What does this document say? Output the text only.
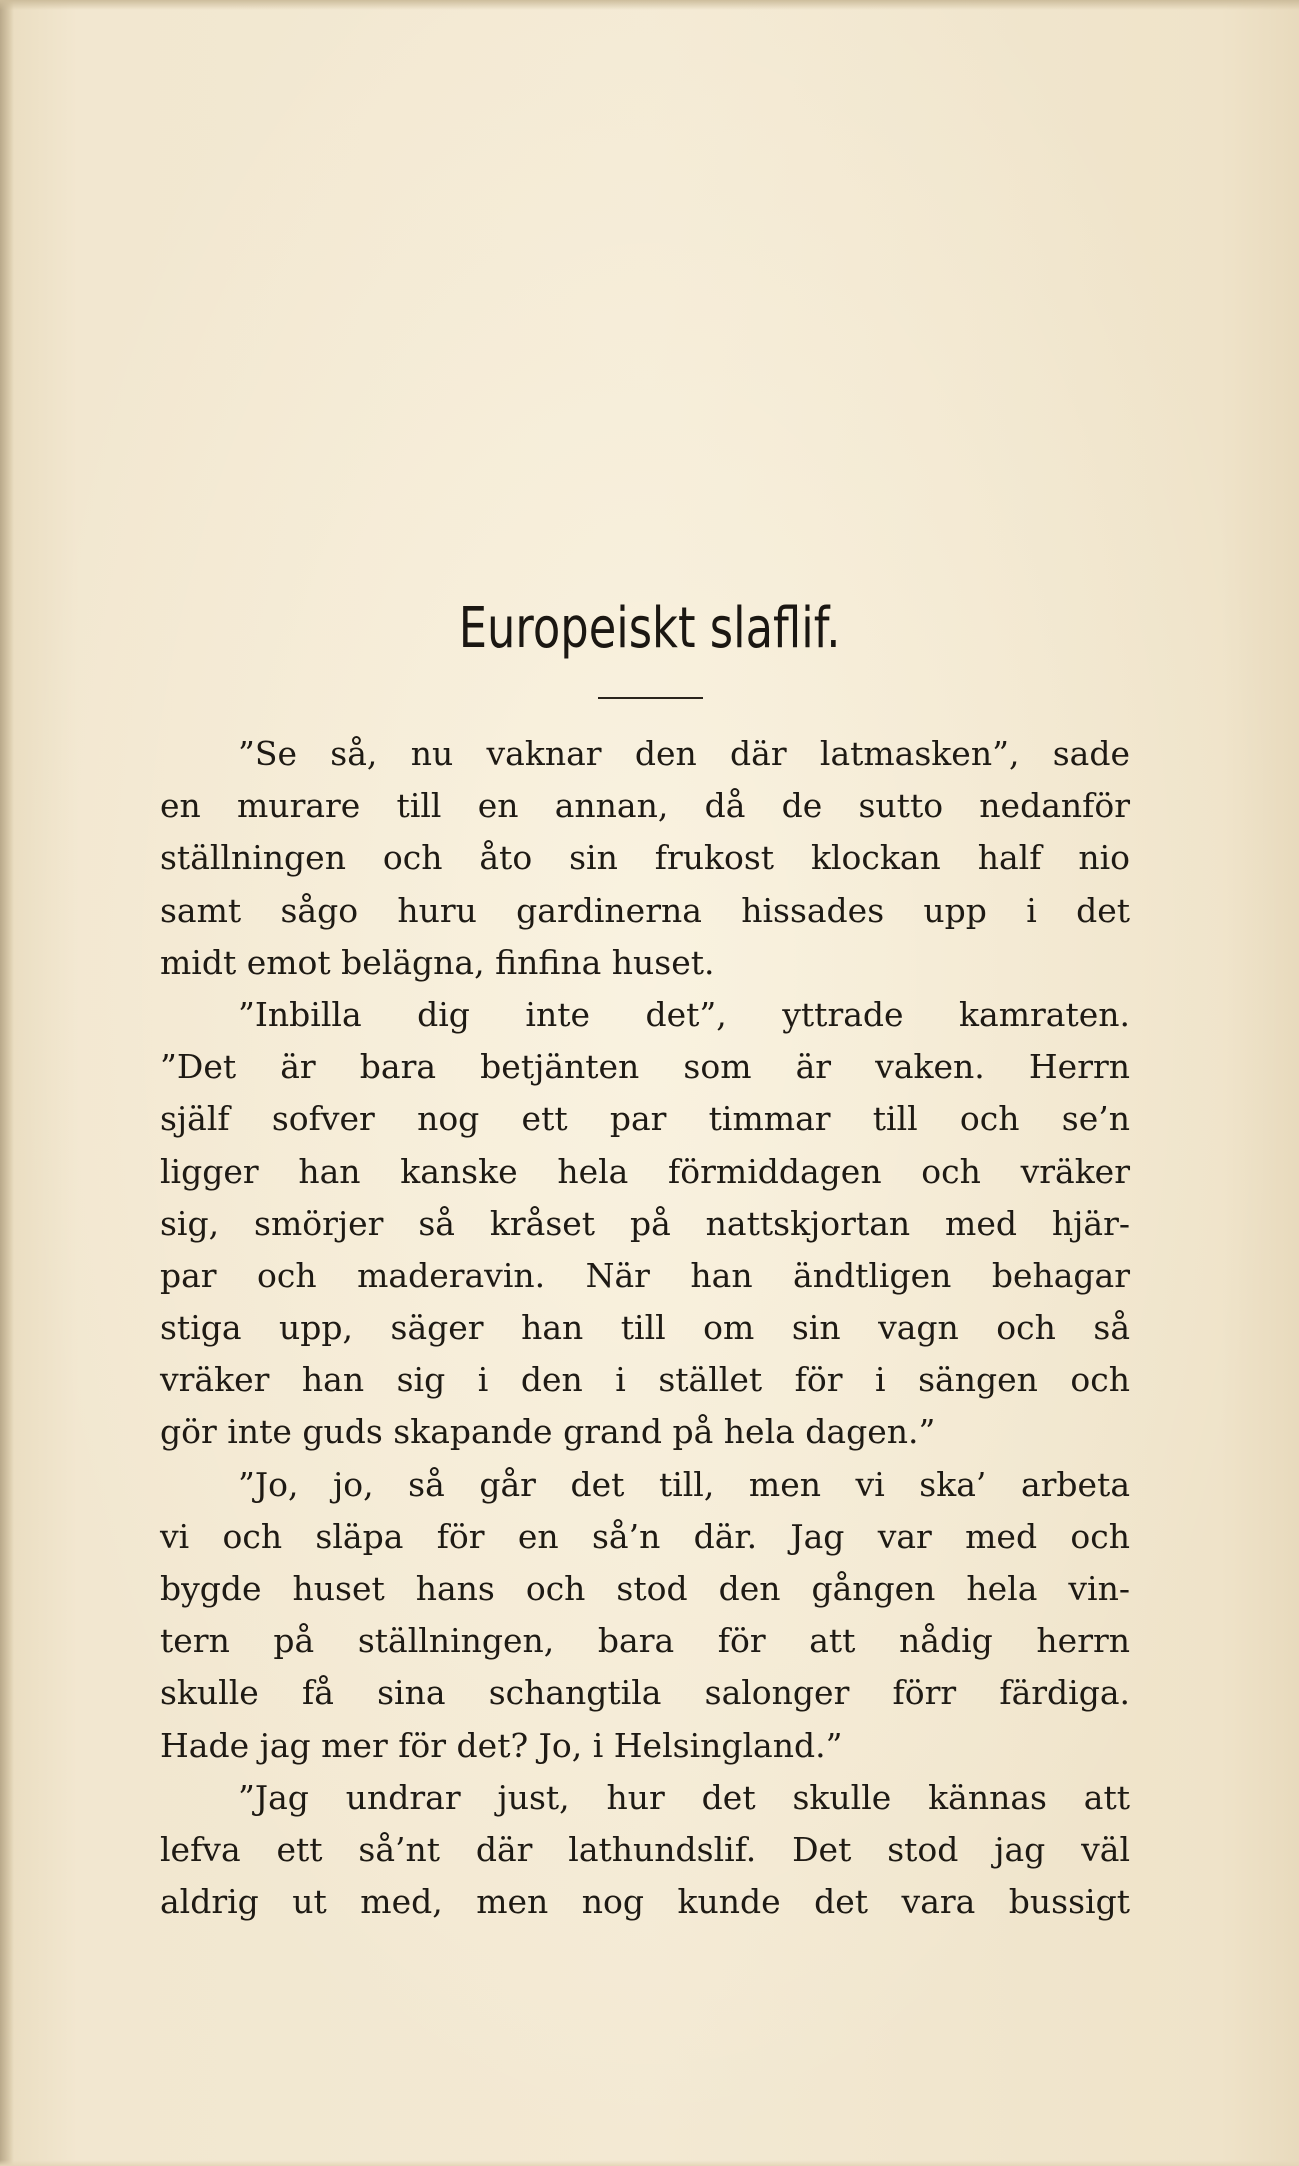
Europeiskt slaflif.
”Se så, nu vaknar den där latmasken”, sade
en murare till en annan, då de sutto nedanför
ställningen och åto sin frukost klockan half nio
samt sågo huru gardinerna hissades upp i det
midt emot belägna, finfina huset.
”Inbilla dig inte det”, yttrade kamraten.
”Det är bara betjänten som är vaken. Herrn
själf sofver nog ett par timmar till och se’n
ligger han kanske hela förmiddagen och vräker
sig, smörjer så kråset på nattskjortan med hjär-
par och maderavin. När han ändtligen behagar
stiga upp, säger han till om sin vagn och så
vräker han sig i den i stället för i sängen och
gör inte guds skapande grand på hela dagen.”
”Jo, jo, så går det till, men vi ska’ arbeta
vi och släpa för en så’n där. Jag var med och
bygde huset hans och stod den gången hela vin-
tern på ställningen, bara för att nådig herrn
skulle få sina schangtila salonger förr färdiga.
Hade jag mer för det? Jo, i Helsingland.”
”Jag undrar just, hur det skulle kännas att
lefva ett så’nt där lathundslif. Det stod jag väl
aldrig ut med, men nog kunde det vara bussigt
